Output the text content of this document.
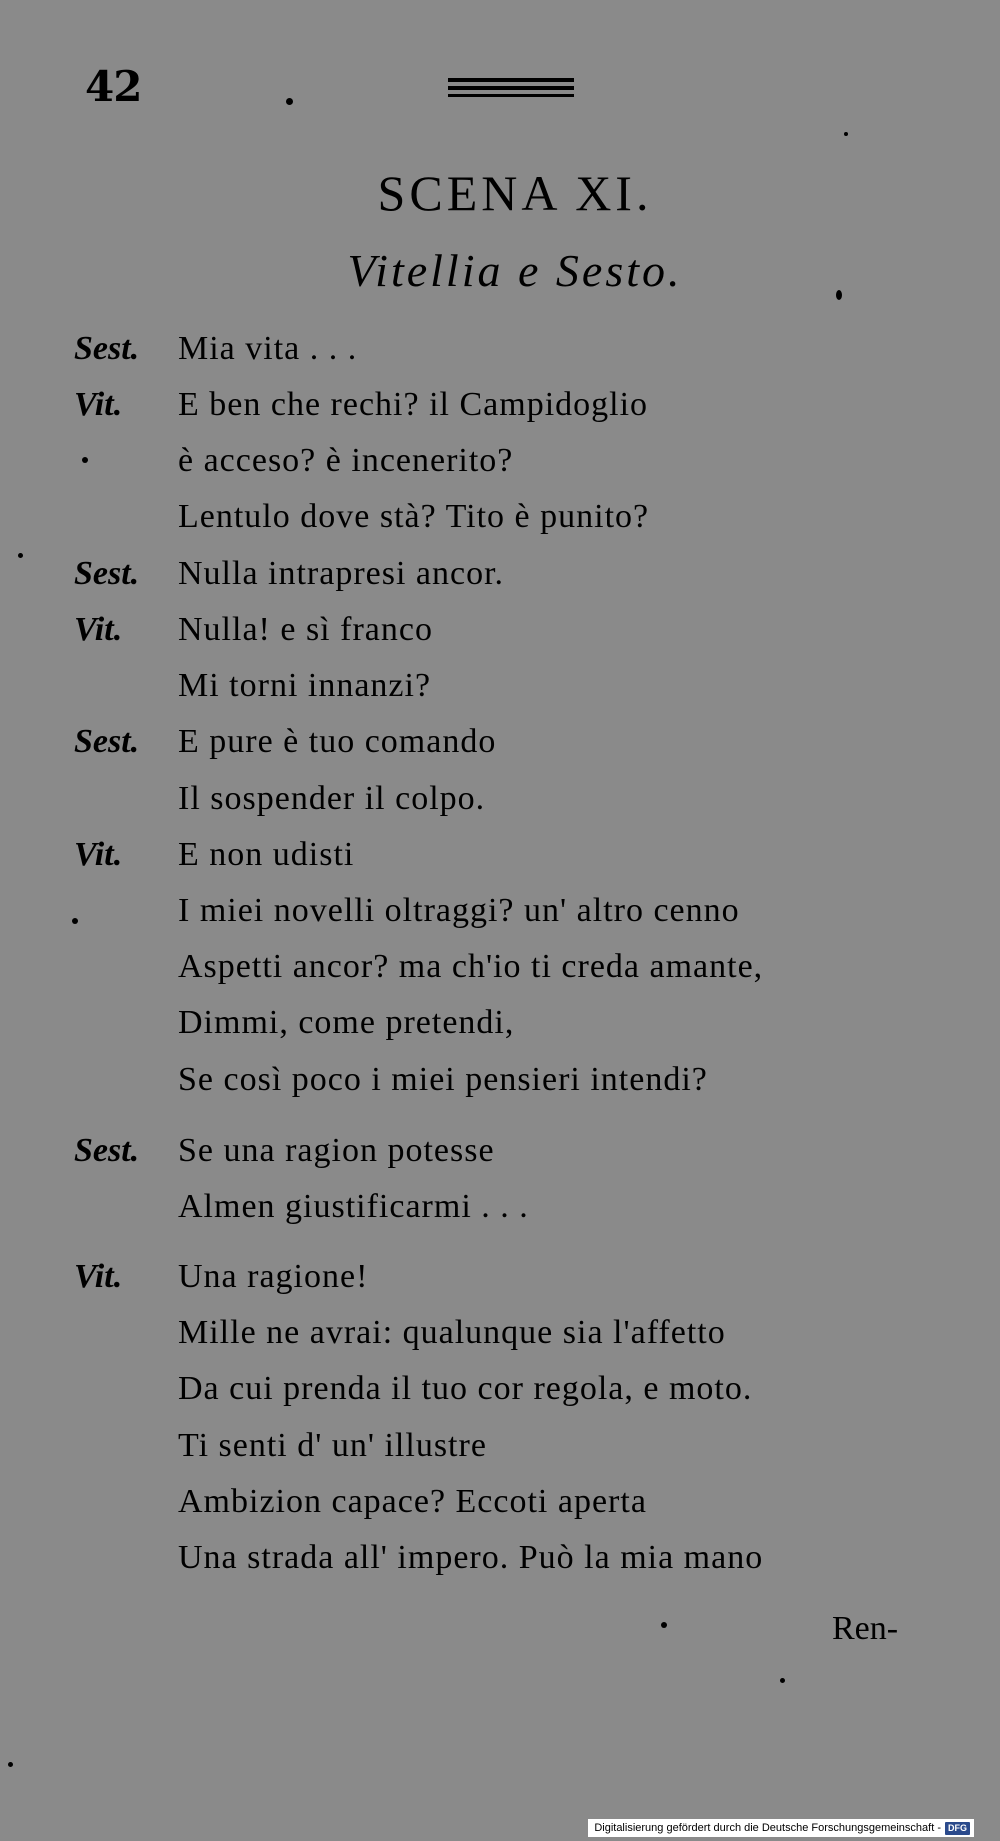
42
SCENA XI.
Vitellia e Sesto.
Sest. Mia vita . . .
Vit. E ben che rechi? il Campidoglio
è acceso? è incenerito?
Lentulo dove stà? Tito è punito?
Sest. Nulla intrapresi ancor.
Vit. Nulla! e sì franco
Mi torni innanzi?
Sest. E pure è tuo comando
Il sospender il colpo.
Vit. E non udisti
I miei novelli oltraggi? un' altro cenno
Aspetti ancor? ma ch'io ti creda amante,
Dimmi, come pretendi,
Se così poco i miei pensieri intendi?
Sest. Se una ragion potesse
Almen giustificarmi . . .
Vit. Una ragione!
Mille ne avrai: qualunque sia l'affetto
Da cui prenda il tuo cor regola, e moto.
Ti senti d' un' illustre
Ambizion capace? Eccoti aperta
Una strada all' impero. Può la mia mano
Ren-
Digitalisierung gefördert durch die Deutsche Forschungsgemeinschaft - DFG
